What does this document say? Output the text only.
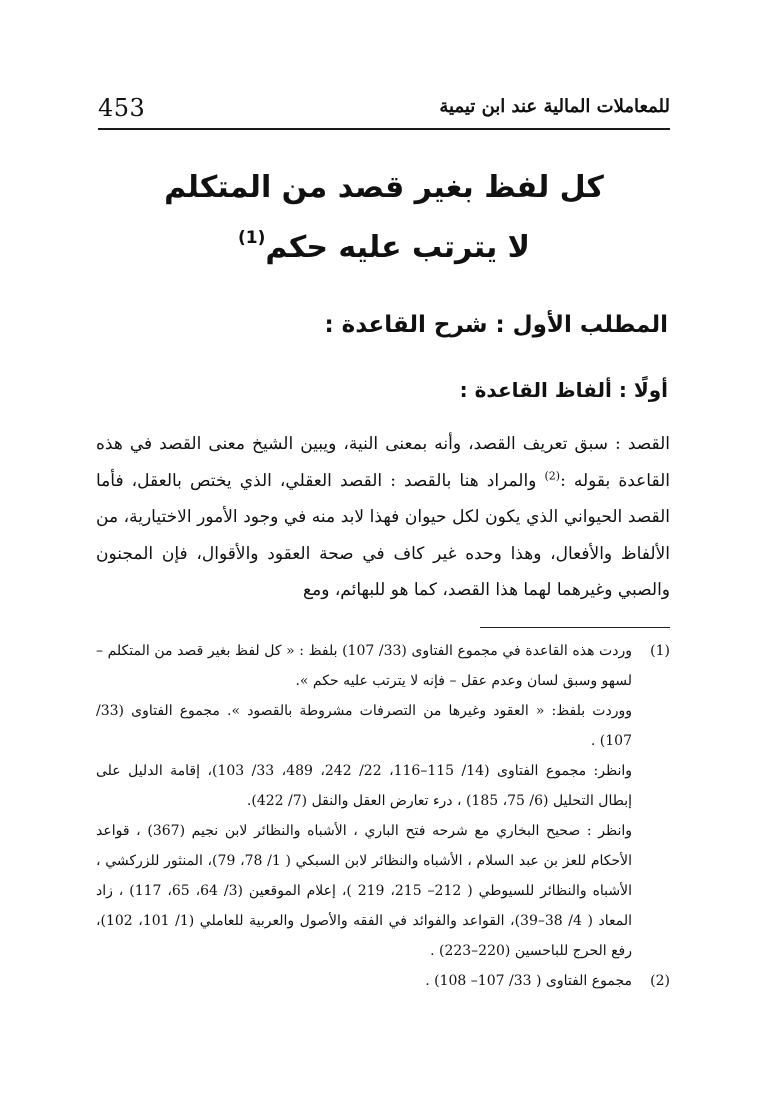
453	للمعاملات المالية عند ابن تيمية
كل لفظ بغير قصد من المتكلم
لا يترتب عليه حكم$^{(1)}$
المطلب الأول : شرح القاعدة :
أولًا : ألفاظ القاعدة :
القصد : سبق تعريف القصد، وأنه بمعنى النية، ويبين الشيخ معنى القصد في هذه القاعدة بقوله :$^{(2)}$ والمراد هنا بالقصد : القصد العقلي، الذي يختص بالعقل، فأما القصد الحيواني الذي يكون لكل حيوان فهذا لابد منه في وجود الأمور الاختيارية، من الألفاظ والأفعال، وهذا وحده غير كاف في صحة العقود والأقوال، فإن المجنون والصبي وغيرهما لهما هذا القصد، كما هو للبهائم، ومع
(1)

وردت هذه القاعدة في مجموع الفتاوى (33/ 107) بلفظ : « كل لفظ بغير قصد من المتكلم – لسهو وسبق لسان وعدم عقل – فإنه لا يترتب عليه حكم ».

ووردت بلفظ: « العقود وغيرها من التصرفات مشروطة بالقصود ». مجموع الفتاوى (33/ 107) .

وانظر: مجموع الفتاوى (14/ 115–116، 22/ 242، 489، 33/ 103)، إقامة الدليل على إبطال التحليل (6/ 75، 185) ، درء تعارض العقل والنقل (7/ 422).

وانظر : صحيح البخاري مع شرحه فتح الباري ، الأشباه والنظائر لابن نجيم (367) ، قواعد الأحكام للعز بن عبد السلام ، الأشباه والنظائر لابن السبكي ( 1/ 78، 79)، المنثور للزركشي ، الأشباه والنظائر للسيوطي ( 212– 215، 219 )، إعلام الموقعين (3/ 64، 65، 117) ، زاد المعاد ( 4/ 38–39)، القواعد والفوائد في الفقه والأصول والعربية للعاملي (1/ 101، 102)، رفع الحرج للباحسين (220–223) .

(2)

مجموع الفتاوى ( 33/ 107– 108) .
